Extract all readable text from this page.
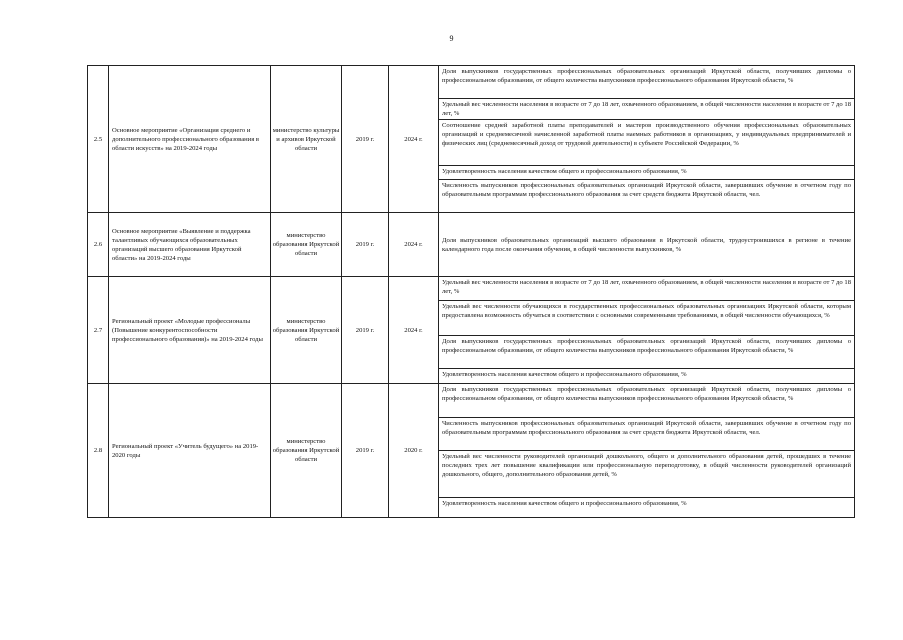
9
2.5	Основное мероприятие «Организация среднего и дополнительного профессионального образования в области искусств» на 2019-2024 годы	министерство культуры и архивов Иркутской области	2019 г.	2024 г.	Доля выпускников государственных профессиональных образовательных организаций Иркутской области, получивших дипломы о профессиональном образовании, от общего количества выпускников профессионального образования Иркутской области, %
Удельный вес численности населения в возрасте от 7 до 18 лет, охваченного образованием, в общей численности населения в возрасте от 7 до 18 лет, %
Соотношение средней заработной платы преподавателей и мастеров производственного обучения профессиональных образовательных организаций и среднемесячной начисленной заработной платы наемных работников в организациях, у индивидуальных предпринимателей и физических лиц (среднемесячный доход от трудовой деятельности) в субъекте Российской Федерации, %
Удовлетворенность населения качеством общего и профессионального образования, %
Численность выпускников профессиональных образовательных организаций Иркутской области, завершивших обучение в отчетном году по образовательным программам профессионального образования за счет средств бюджета Иркутской области, чел.

2.6	Основное мероприятие «Выявление и поддержка талантливых обучающихся образовательных организаций высшего образования Иркутской области» на 2019-2024 годы	министерство образования Иркутской области	2019 г.	2024 г.	Доля выпускников образовательных организаций высшего образования в Иркутской области, трудоустроившихся в регионе в течение календарного года после окончания обучения, в общей численности выпускников, %

2.7	Региональный проект «Молодые профессионалы (Повышение конкурентоспособности профессионального образования)» на 2019-2024 годы	министерство образования Иркутской области	2019 г.	2024 г.	Удельный вес численности населения в возрасте от 7 до 18 лет, охваченного образованием, в общей численности населения в возрасте от 7 до 18 лет, %
Удельный вес численности обучающихся в государственных профессиональных образовательных организациях Иркутской области, которым предоставлена возможность обучаться в соответствии с основными современными требованиями, в общей численности обучающихся, %
Доля выпускников государственных профессиональных образовательных организаций Иркутской области, получивших дипломы о профессиональном образовании, от общего количества выпускников профессионального образования Иркутской области, %
Удовлетворенность населения качеством общего и профессионального образования, %

2.8	Региональный проект «Учитель будущего» на 2019-2020 годы	министерство образования Иркутской области	2019 г.	2020 г.	Доля выпускников государственных профессиональных образовательных организаций Иркутской области, получивших дипломы о профессиональном образовании, от общего количества выпускников профессионального образования Иркутской области, %
Численность выпускников профессиональных образовательных организаций Иркутской области, завершивших обучение в отчетном году по образовательным программам профессионального образования за счет средств бюджета Иркутской области, чел.
Удельный вес численности руководителей организаций дошкольного, общего и дополнительного образования детей, прошедших в течение последних трех лет повышение квалификации или профессиональную переподготовку, в общей численности руководителей организаций дошкольного, общего, дополнительного образования детей, %
Удовлетворенность населения качеством общего и профессионального образования, %
